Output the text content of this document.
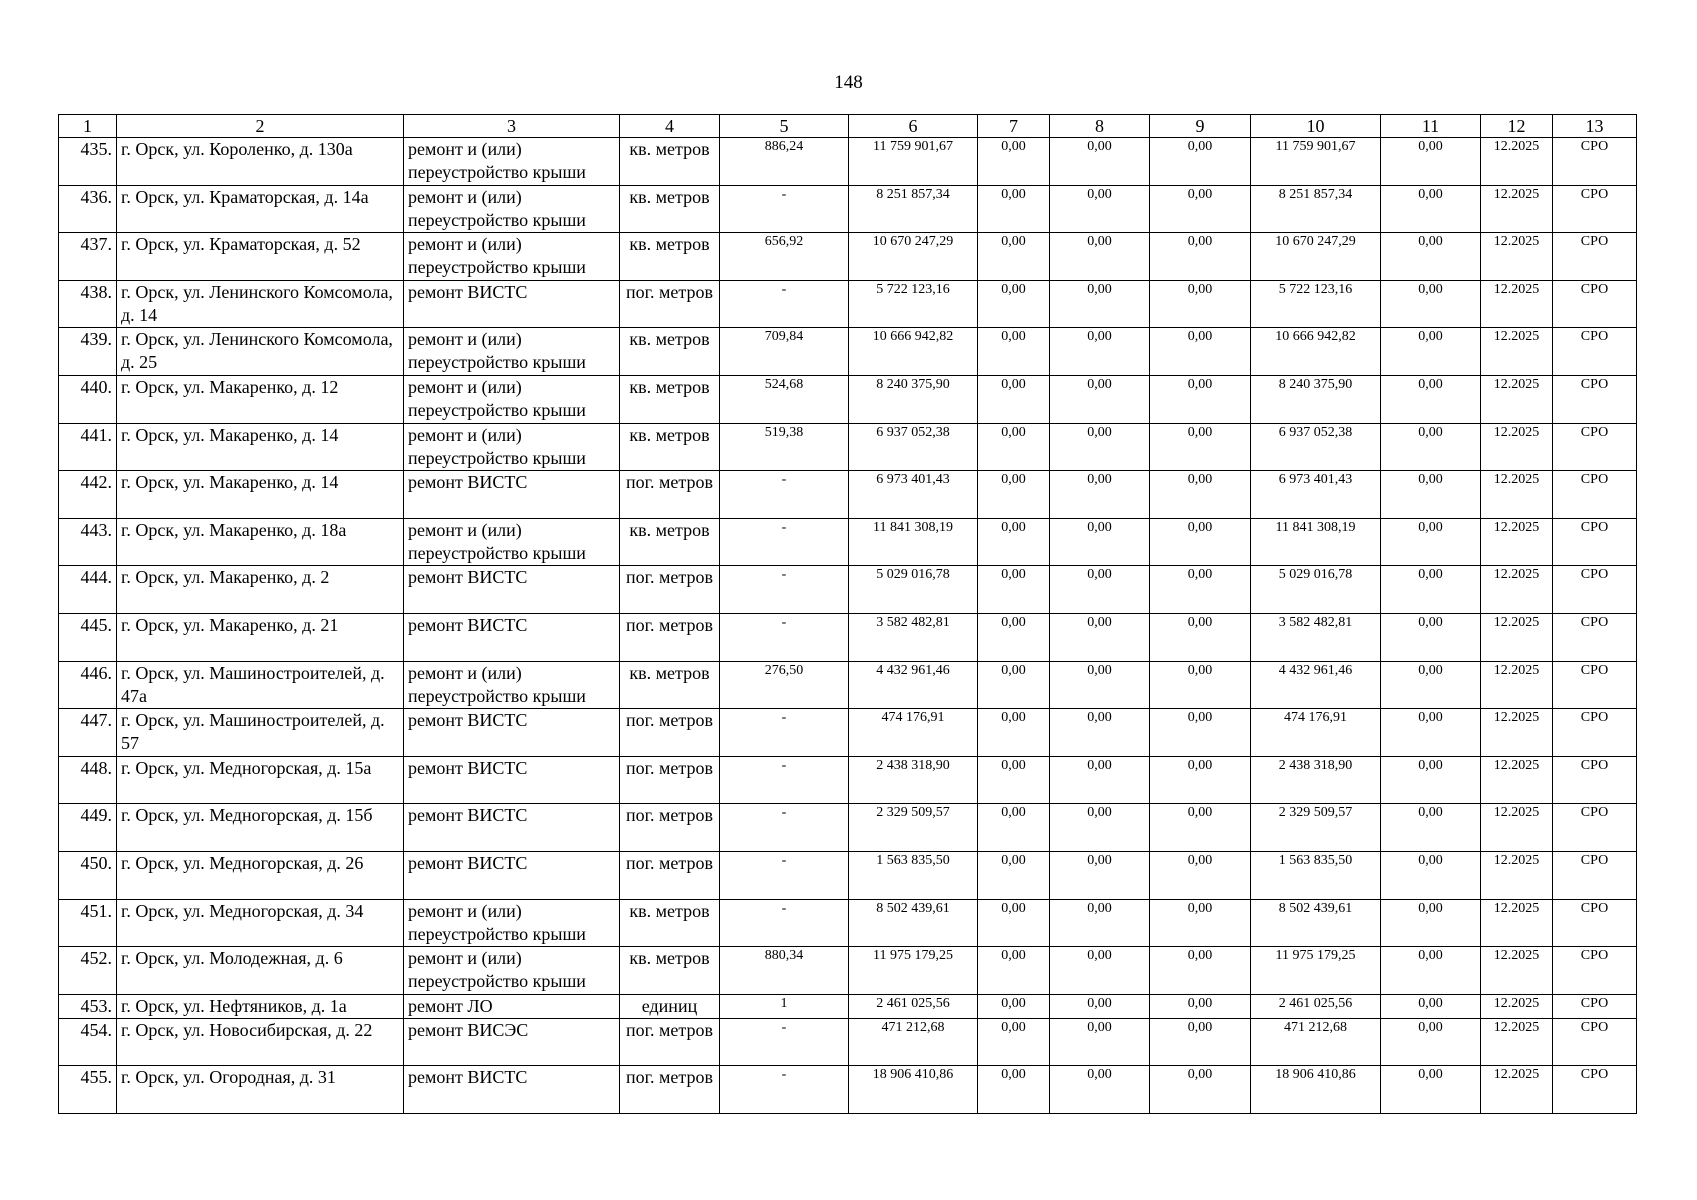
148
1	2	3	4	5	6	7	8	9	10	11	12	13
435.	г. Орск, ул. Короленко, д. 130а	ремонт и (или) переустройство крыши	кв. метров	886,24	11 759 901,67	0,00	0,00	0,00	11 759 901,67	0,00	12.2025	СРО
436.	г. Орск, ул. Краматорская, д. 14а	ремонт и (или) переустройство крыши	кв. метров	-	8 251 857,34	0,00	0,00	0,00	8 251 857,34	0,00	12.2025	СРО
437.	г. Орск, ул. Краматорская, д. 52	ремонт и (или) переустройство крыши	кв. метров	656,92	10 670 247,29	0,00	0,00	0,00	10 670 247,29	0,00	12.2025	СРО
438.	г. Орск, ул. Ленинского Комсомола, д. 14	ремонт ВИСТС	пог. метров	-	5 722 123,16	0,00	0,00	0,00	5 722 123,16	0,00	12.2025	СРО
439.	г. Орск, ул. Ленинского Комсомола, д. 25	ремонт и (или) переустройство крыши	кв. метров	709,84	10 666 942,82	0,00	0,00	0,00	10 666 942,82	0,00	12.2025	СРО
440.	г. Орск, ул. Макаренко, д. 12	ремонт и (или) переустройство крыши	кв. метров	524,68	8 240 375,90	0,00	0,00	0,00	8 240 375,90	0,00	12.2025	СРО
441.	г. Орск, ул. Макаренко, д. 14	ремонт и (или) переустройство крыши	кв. метров	519,38	6 937 052,38	0,00	0,00	0,00	6 937 052,38	0,00	12.2025	СРО
442.	г. Орск, ул. Макаренко, д. 14	ремонт ВИСТС	пог. метров	-	6 973 401,43	0,00	0,00	0,00	6 973 401,43	0,00	12.2025	СРО
443.	г. Орск, ул. Макаренко, д. 18а	ремонт и (или) переустройство крыши	кв. метров	-	11 841 308,19	0,00	0,00	0,00	11 841 308,19	0,00	12.2025	СРО
444.	г. Орск, ул. Макаренко, д. 2	ремонт ВИСТС	пог. метров	-	5 029 016,78	0,00	0,00	0,00	5 029 016,78	0,00	12.2025	СРО
445.	г. Орск, ул. Макаренко, д. 21	ремонт ВИСТС	пог. метров	-	3 582 482,81	0,00	0,00	0,00	3 582 482,81	0,00	12.2025	СРО
446.	г. Орск, ул. Машиностроителей, д. 47а	ремонт и (или) переустройство крыши	кв. метров	276,50	4 432 961,46	0,00	0,00	0,00	4 432 961,46	0,00	12.2025	СРО
447.	г. Орск, ул. Машиностроителей, д. 57	ремонт ВИСТС	пог. метров	-	474 176,91	0,00	0,00	0,00	474 176,91	0,00	12.2025	СРО
448.	г. Орск, ул. Медногорская, д. 15а	ремонт ВИСТС	пог. метров	-	2 438 318,90	0,00	0,00	0,00	2 438 318,90	0,00	12.2025	СРО
449.	г. Орск, ул. Медногорская, д. 15б	ремонт ВИСТС	пог. метров	-	2 329 509,57	0,00	0,00	0,00	2 329 509,57	0,00	12.2025	СРО
450.	г. Орск, ул. Медногорская, д. 26	ремонт ВИСТС	пог. метров	-	1 563 835,50	0,00	0,00	0,00	1 563 835,50	0,00	12.2025	СРО
451.	г. Орск, ул. Медногорская, д. 34	ремонт и (или) переустройство крыши	кв. метров	-	8 502 439,61	0,00	0,00	0,00	8 502 439,61	0,00	12.2025	СРО
452.	г. Орск, ул. Молодежная, д. 6	ремонт и (или) переустройство крыши	кв. метров	880,34	11 975 179,25	0,00	0,00	0,00	11 975 179,25	0,00	12.2025	СРО
453.	г. Орск, ул. Нефтяников, д. 1а	ремонт ЛО	единиц	1	2 461 025,56	0,00	0,00	0,00	2 461 025,56	0,00	12.2025	СРО
454.	г. Орск, ул. Новосибирская, д. 22	ремонт ВИСЭС	пог. метров	-	471 212,68	0,00	0,00	0,00	471 212,68	0,00	12.2025	СРО
455.	г. Орск, ул. Огородная, д. 31	ремонт ВИСТС	пог. метров	-	18 906 410,86	0,00	0,00	0,00	18 906 410,86	0,00	12.2025	СРО
